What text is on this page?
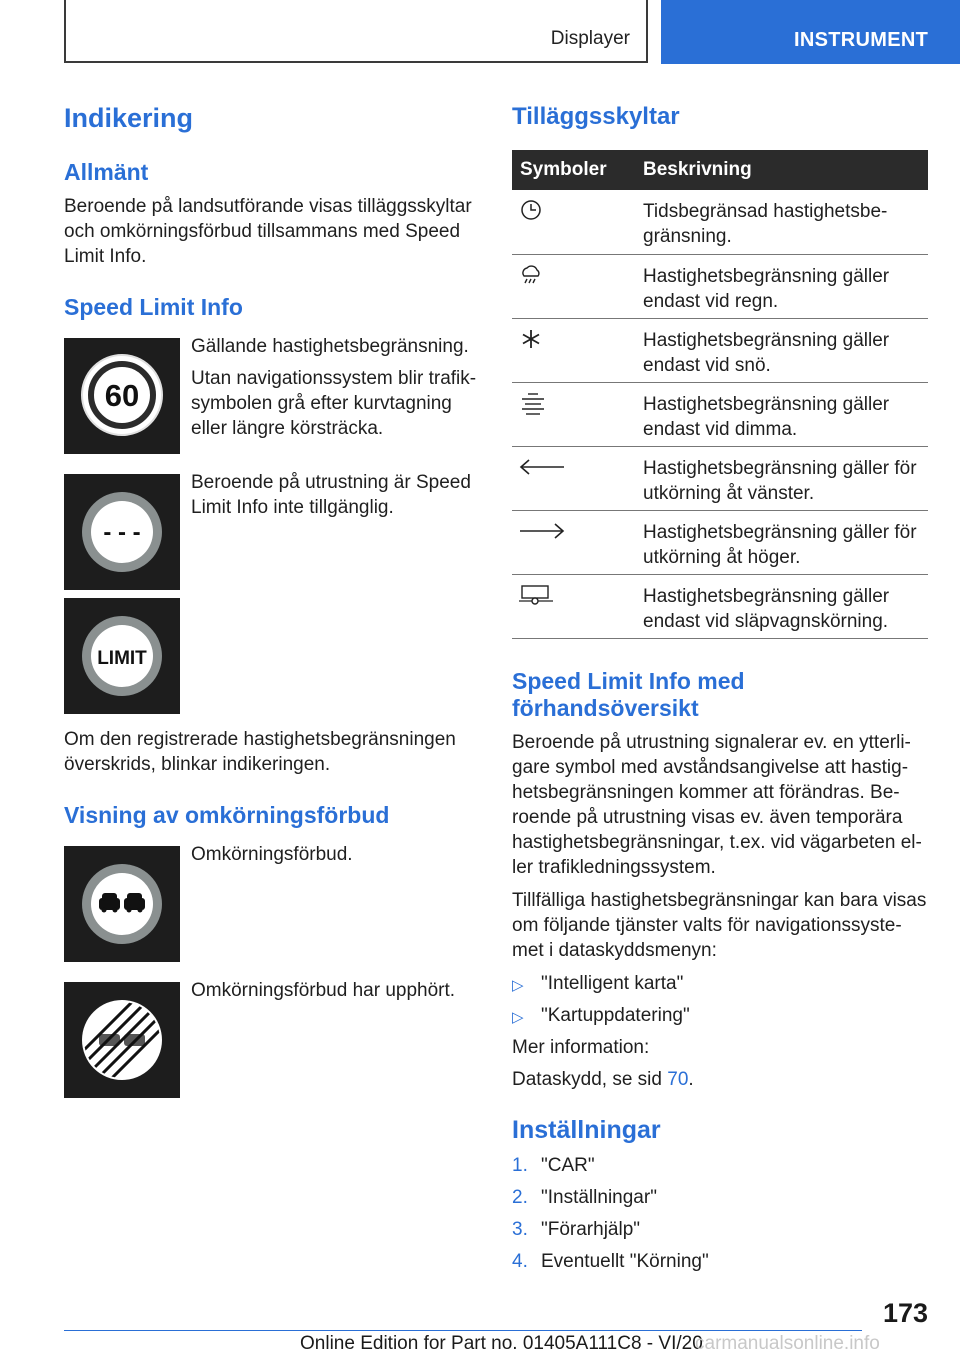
Displayer	INSTRUMENT
Indikering
Allmänt

Beroende på landsutförande visas tilläggsskyltar
och omkörningsförbud tillsammans med Speed
Limit Info.

Speed Limit Info
60

Gällande hastighetsbegränsning.

Utan navigationssystem blir trafik-
symbolen grå efter kurvtagning
eller längre körsträcka.

- - -

Beroende på utrustning är Speed
Limit Info inte tillgänglig.

LIMIT

Om den registrerade hastighetsbegränsningen
överskrids, blinkar indikeringen.

Visning av omkörningsförbud

Omkörningsförbud.

Omkörningsförbud har upphört.

Tilläggsskyltar
Symboler	Beskrivning
	Tidsbegränsad hastighetsbe-
gränsning.
	Hastighetsbegränsning gäller
endast vid regn.
	Hastighetsbegränsning gäller
endast vid snö.
	Hastighetsbegränsning gäller
endast vid dimma.
	Hastighetsbegränsning gäller för
utkörning åt vänster.
	Hastighetsbegränsning gäller för
utkörning åt höger.
	Hastighetsbegränsning gäller
endast vid släpvagnskörning.
Speed Limit Info med
förhandsöversikt

Beroende på utrustning signalerar ev. en ytterli-
gare symbol med avståndsangivelse att hastig-
hetsbegränsningen kommer att förändras. Be-
roende på utrustning visas ev. även temporära
hastighetsbegränsningar, t.ex. vid vägarbeten el-
ler trafikledningssystem.

Tillfälliga hastighetsbegränsningar kan bara visas
om följande tjänster valts för navigationssyste-
met i dataskyddsmenyn:

▷ "Intelligent karta"
▷ "Kartuppdatering"

Mer information:

Dataskydd, se sid 70.

Inställningar
1. "CAR"
2. "Inställningar"
3. "Förarhjälp"
4. Eventuellt "Körning"
173
Online Edition for Part no. 01405A111C8 - VI/20
carmanualsonline.info
